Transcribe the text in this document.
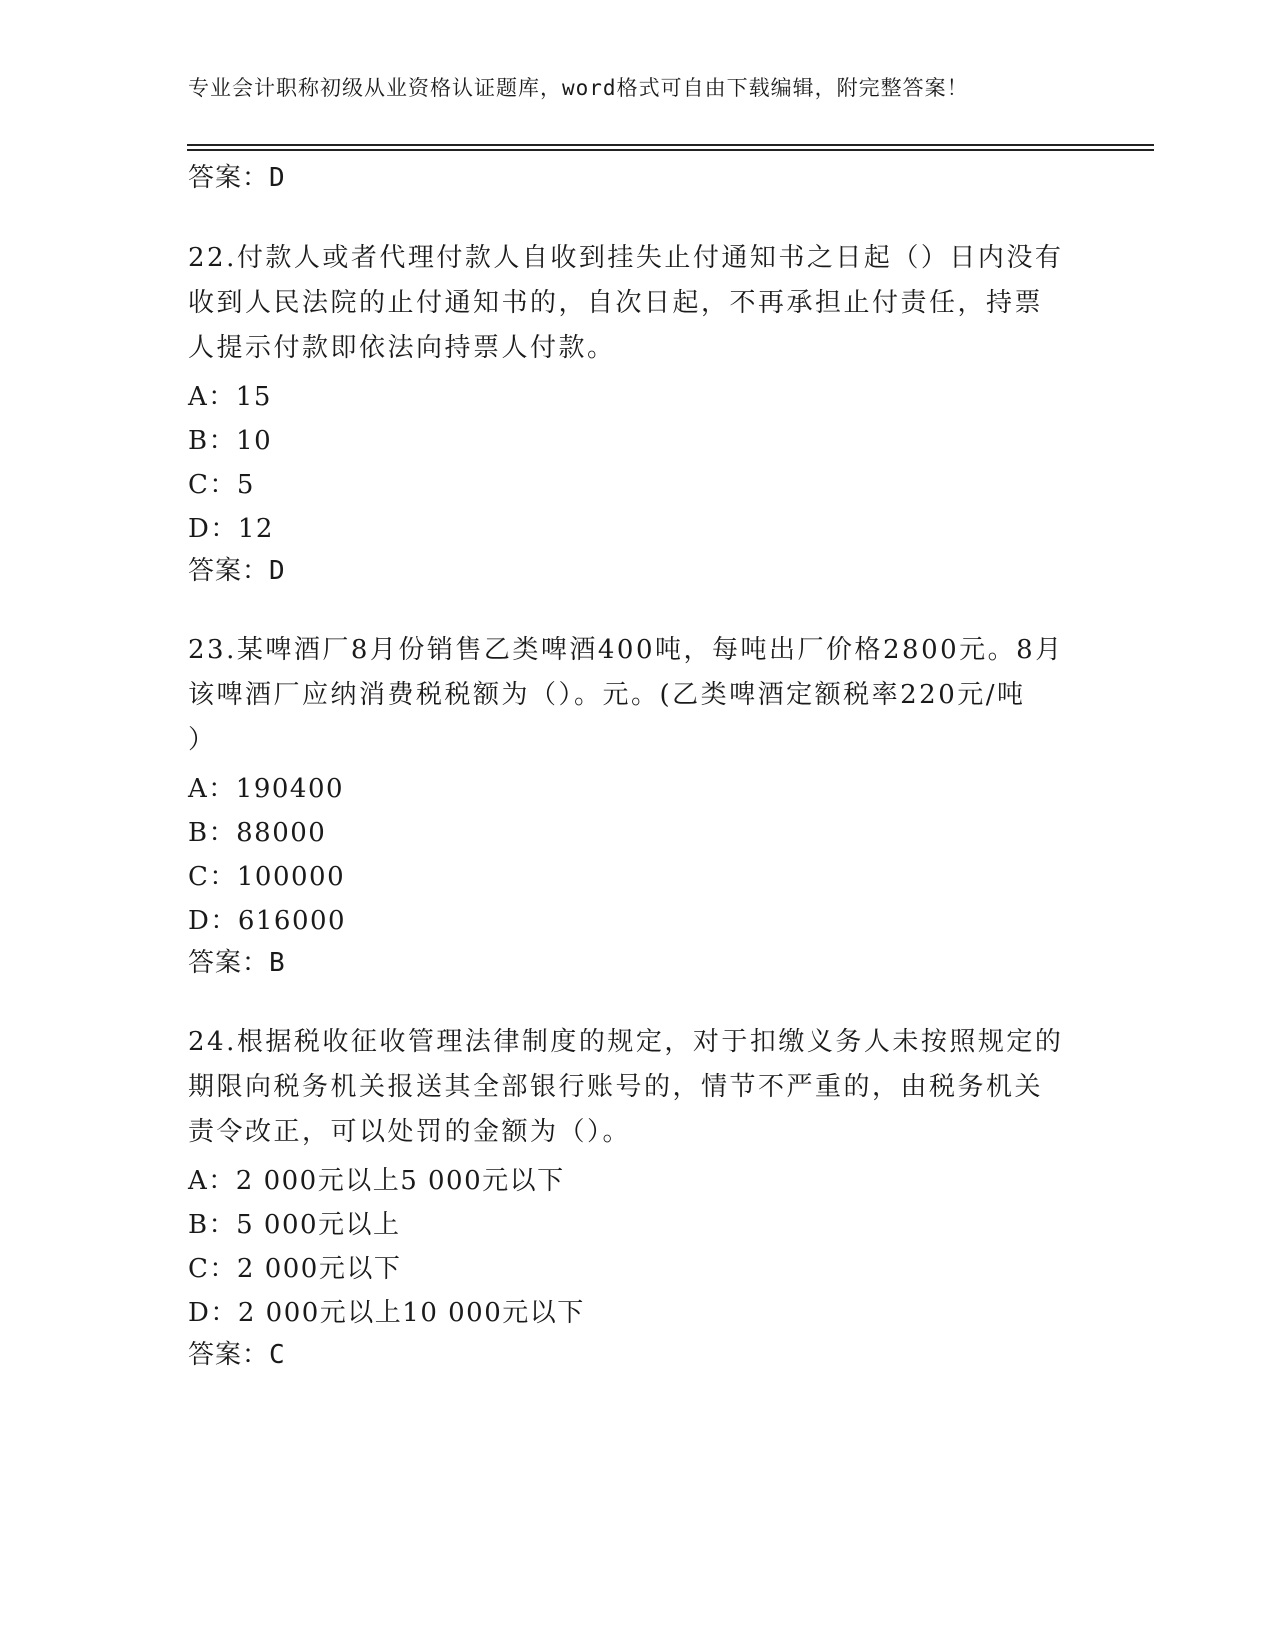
专业会计职称初级从业资格认证题库，word格式可自由下载编辑，附完整答案！
答案：D

22.付款人或者代理付款人自收到挂失止付通知书之日起（）日内没有

收到人民法院的止付通知书的，自次日起，不再承担止付责任，持票

人提示付款即依法向持票人付款。

A：15
B：10
C：5
D：12
答案：D

23.某啤酒厂8月份销售乙类啤酒400吨，每吨出厂价格2800元。8月

该啤酒厂应纳消费税税额为（）。元。(乙类啤酒定额税率220元/吨

）

A：190400
B：88000
C：100000
D：616000
答案：B

24.根据税收征收管理法律制度的规定，对于扣缴义务人未按照规定的

期限向税务机关报送其全部银行账号的，情节不严重的，由税务机关

责令改正，可以处罚的金额为（）。

A：2 000元以上5 000元以下
B：5 000元以上
C：2 000元以下
D：2 000元以上10 000元以下
答案：C
